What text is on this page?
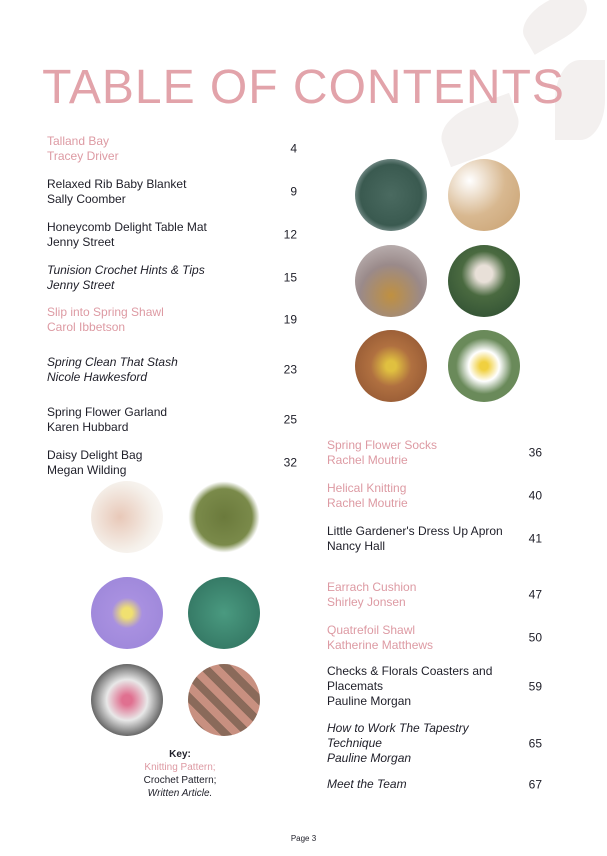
TABLE OF CONTENTS
Talland Bay
Tracey Driver
4
Relaxed Rib Baby Blanket
Sally Coomber
9
Honeycomb Delight Table Mat
Jenny Street
12
Tunision Crochet Hints & Tips
Jenny Street
15
Slip into Spring Shawl
Carol Ibbetson
19
Spring Clean That Stash
Nicole Hawkesford
23
Spring Flower Garland
Karen Hubbard
25
Daisy Delight Bag
Megan Wilding
32
Spring Flower Socks
Rachel Moutrie
36
Helical Knitting
Rachel Moutrie
40
Little Gardener's Dress Up Apron
Nancy Hall
41
Earrach Cushion
Shirley Jonsen
47
Quatrefoil Shawl
Katherine Matthews
50
Checks & Florals Coasters and Placemats
Pauline Morgan
59
How to Work The Tapestry Technique
Pauline Morgan
65
Meet the Team	67
Key:
Knitting Pattern;
Crochet Pattern;
Written Article.
Page 3
